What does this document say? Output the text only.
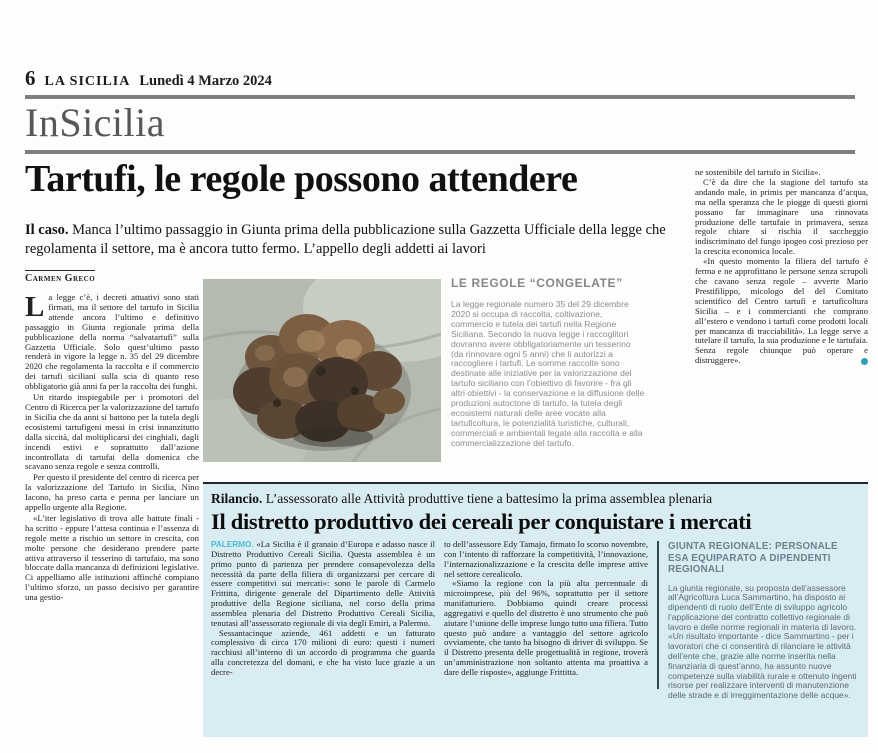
6 LA SICILIA Lunedì 4 Marzo 2024
InSicilia
Tartufi, le regole possono attendere

Il caso. Manca l’ultimo passaggio in Giunta prima della pubblicazione sulla Gazzetta Ufficiale della legge che regolamenta il settore, ma è ancora tutto fermo. L’appello degli addetti ai lavori

Carmen Greco

La legge c’è, i decreti attuativi sono stati firmati, ma il settore del tartufo in Sicilia attende ancora l’ultimo e definitivo passaggio in Giunta regionale prima della pubblicazione della norma “salvatartufi” sulla Gazzetta Ufficiale. Solo quest’ultimo passo renderà in vigore la legge n. 35 del 29 dicembre 2020 che regolamenta la raccolta e il commercio dei tartufi siciliani sulla scia di quanto reso obbligatorio già anni fa per la raccolta dei funghi.

Un ritardo inspiegabile per i promotori del Centro di Ricerca per la valorizzazione del tartufo in Sicilia che da anni si battono per la tutela degli ecosistemi tartufigeni messi in crisi innanzitutto dalla siccità, dal moltiplicarsi dei cinghiali, dagli incendi estivi e soprattutto dall’azione incontrollata di tartufai della domenica che scavano senza regole e senza controlli.

Per questo il presidente del centro di ricerca per la valorizzazione del Tartufo in Sicilia, Nino Iacono, ha preso carta e penna per lanciare un appello urgente alla Regione.

«L’iter legislativo di trova alle battute finali - ha scritto - eppure l’attesa continua e l’assenza di regole mette a rischio un settore in crescita, con molte persone che desiderano prendere parte attiva attraverso il tesserino di tartufaio, ma sono bloccate dalla mancanza di definizioni legislative. Ci appelliamo alle istituzioni affinché compiano l’ultimo sforzo, un passo decisivo per garantire una gestio-

LE REGOLE “CONGELATE”

La legge regionale numero 35 del 29 dicembre 2020 si occupa di raccolta, coltivazione, commercio e tutela dei tartufi nella Regione Siciliana. Secondo la nuova legge i raccoglitori dovranno avere obbligatoriamente un tesserino (da rinnovare ogni 5 anni) che li autorizzi a raccogliere i tartufi. Le somme raccolte sono destinate alle iniziative per la valorizzazione del tartufo siciliano con l’obiettivo di favorire - fra gli altri obiettivi - la conservazione e la diffusione delle produzioni autoctone di tartufo, la tutela degli ecosistemi naturali delle aree vocate alla tartuficoltura, le potenzialità turistiche, culturali, commerciali e ambientali legate alla raccolta e alla commercializzazione del tartufo.

ne sostenibile del tartufo in Sicilia».

C’è da dire che la stagione del tartufo sta andando male, in primis per mancanza d’acqua, ma nella speranza che le piogge di questi giorni possano far immaginare una rinnovata produzione delle tartufaie in primavera, senza regole chiare si rischia il saccheggio indiscriminato del fungo ipogeo così prezioso per la crescita economica locale.

«In questo momento la filiera del tartufo è ferma e ne approfittano le persone senza scrupoli che cavano senza regole – avverte Mario Prestifilippo, micologo del del Comitato scientifico del Centro tartufi e tartuficoltura Sicilia – e i commercianti che comprano all’estero e vendono i tartufi come prodotti locali per mancanza di tracciabilità». La legge serve a tutelare il tartufo, la sua produzione e le tartufaia. Senza regole chiunque può operare e distruggere».

Rilancio. L’assessorato alle Attività produttive tiene a battesimo la prima assemblea plenaria

Il distretto produttivo dei cereali per conquistare i mercati

PALERMO. «La Sicilia è il granaio d’Europa e adasso nasce il Distretto Produttivo Cereali Sicilia. Questa assemblea è un primo punto di partenza per prendere consapevolezza della necessità da parte della filiera di organizzarsi per cercare di essere competitivi sui mercati»: sono le parole di Carmelo Frittitta, dirigente generale del Dipartimento delle Attività produttive della Regione siciliana, nel corso della prima assemblea plenaria del Distretto Produttivo Cereali Sicilia, tenutasi all’assessorato regionale di via degli Emiri, a Palermo.

Sessantacinque aziende, 461 addetti e un fatturato complessivo di circa 170 milioni di euro: questi i numeri racchiusi all’interno di un accordo di programma che guarda alla concretezza del domani, e che ha visto luce grazie a un decre-

to dell’assessore Edy Tamajo, firmato lo scorso novembre, con l’intento di rafforzare la competitività, l’innovazione, l’internazionalizzazione e la crescita delle imprese attive nel settore cerealicolo.

«Siamo la regione con la più alta percentuale di microimprese, più del 96%, soprattutto per il settore manifatturiero. Dobbiamo quindi creare processi aggregativi e quello del distretto è uno strumento che può aiutare l’unione delle imprese lungo tutto una filiera. Tutto questo può andare a vantaggio del settore agricolo ovviamente, che tanto ha bisogno di driver di sviluppo. Se il Distretto presenta delle progettualità in regione, troverà un’amministrazione non soltanto attenta ma proattiva a dare delle risposte», aggiunge Frittitta.

GIUNTA REGIONALE: PERSONALE ESA EQUIPARATO A DIPENDENTI REGIONALI

La giunta regionale, su proposta dell’assessore all’Agricoltura Luca Sammartino, ha disposto ai dipendenti di ruolo dell’Ente di sviluppo agricolo l’applicazione del contratto collettivo regionale di lavoro e delle norme regionali in materia di lavoro. «Un risultato importante - dice Sammartino - per i lavoratori che ci consentirà di rilanciare le attività dell’ente che, grazie alle norme inserita nella finanziaria di quest’anno, ha assunto nuove competenze sulla viabilità rurale e ottenuto ingenti risorse per realizzare interventi di manutenzione delle strade e di irreggimentazione delle acque».
